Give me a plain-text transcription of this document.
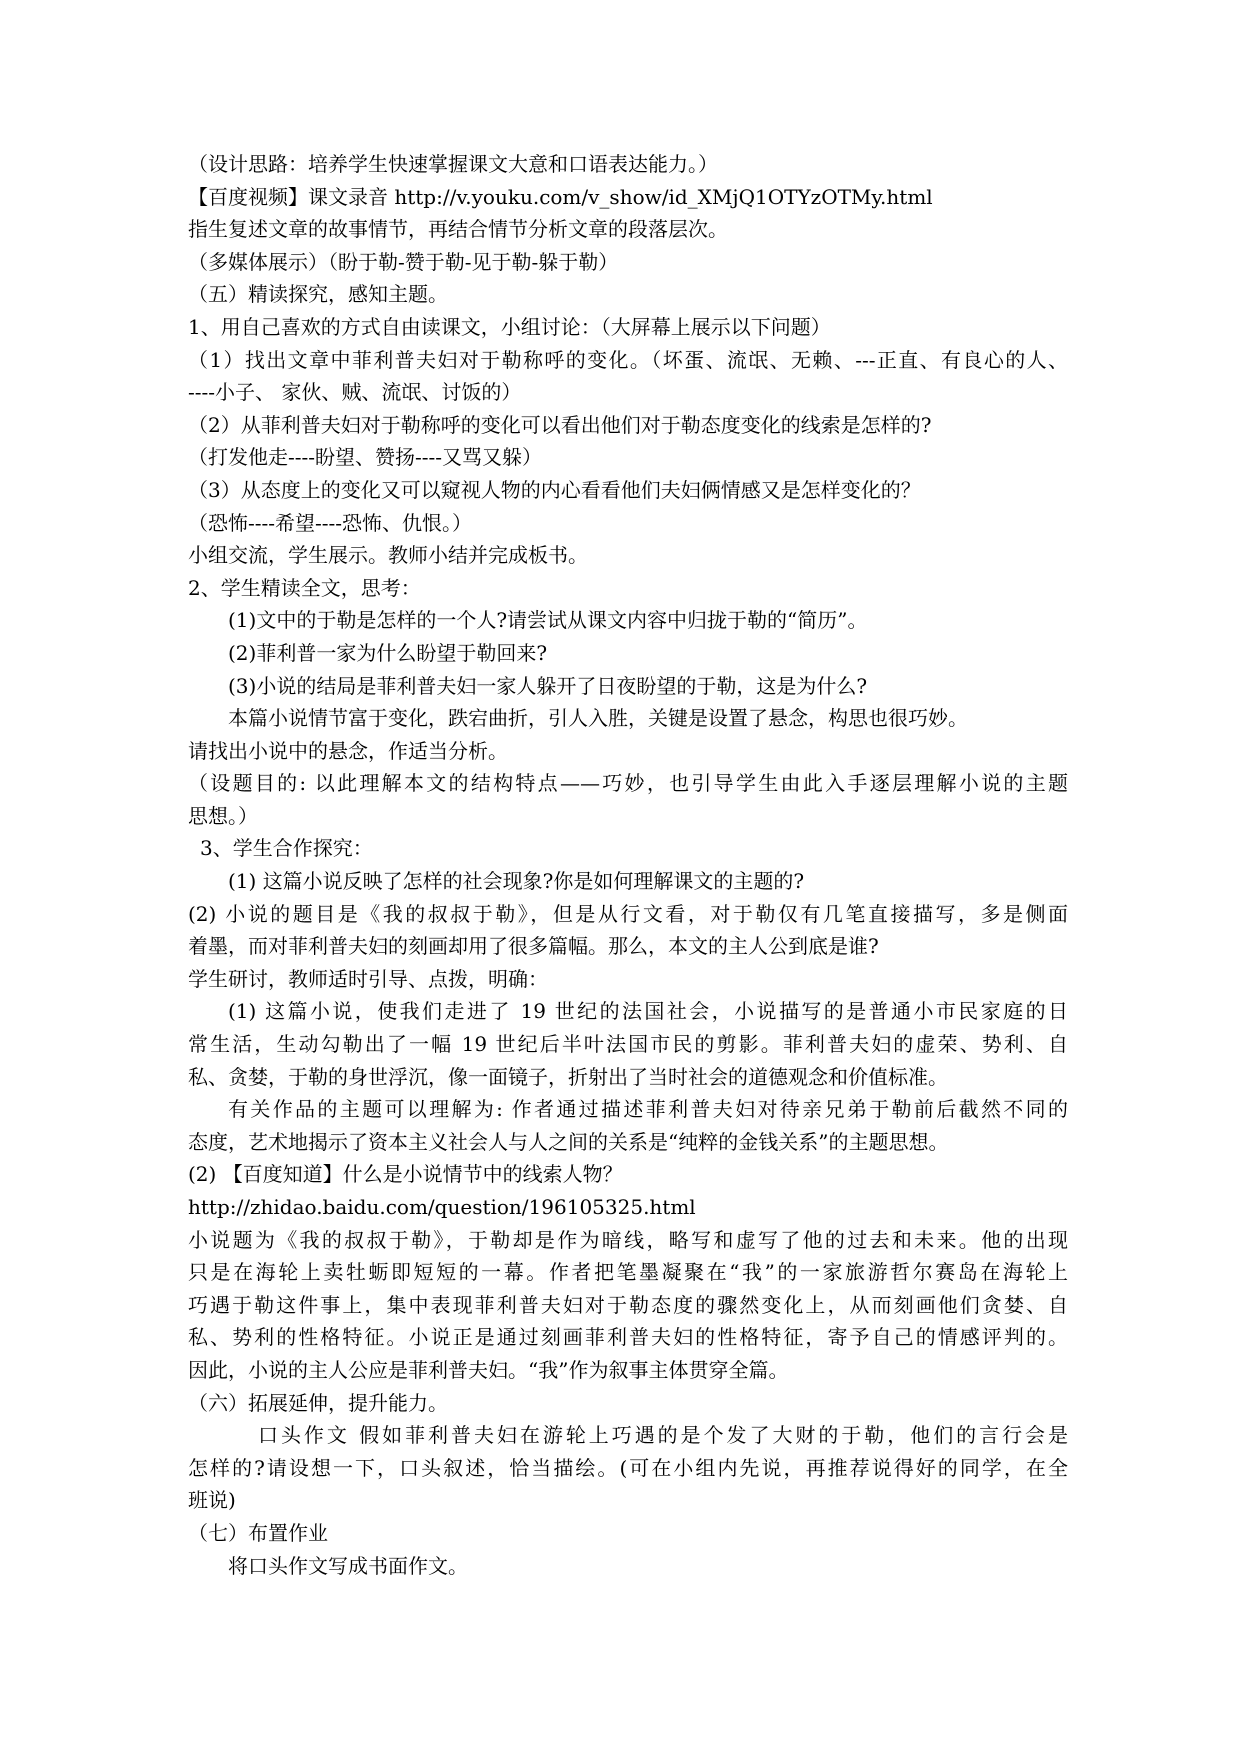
（设计思路：培养学生快速掌握课文大意和口语表达能力。）
【百度视频】课文录音 http://v.youku.com/v_show/id_XMjQ1OTYzOTMy.html
指生复述文章的故事情节，再结合情节分析文章的段落层次。
（多媒体展示）（盼于勒-赞于勒-见于勒-躲于勒）
（五）精读探究，感知主题。
1、用自己喜欢的方式自由读课文，小组讨论：（大屏幕上展示以下问题）
（1）找出文章中菲利普夫妇对于勒称呼的变化。（坏蛋、流氓、无赖、---正直、有良心的人、
----小子、 家伙、贼、流氓、讨饭的）
（2）从菲利普夫妇对于勒称呼的变化可以看出他们对于勒态度变化的线索是怎样的?
（打发他走----盼望、赞扬----又骂又躲）
（3）从态度上的变化又可以窥视人物的内心看看他们夫妇俩情感又是怎样变化的？
（恐怖----希望----恐怖、仇恨。）
小组交流，学生展示。教师小结并完成板书。
2、学生精读全文，思考：
(1)文中的于勒是怎样的一个人?请尝试从课文内容中归拢于勒的“简历”。
(2)菲利普一家为什么盼望于勒回来?
(3)小说的结局是菲利普夫妇一家人躲开了日夜盼望的于勒，这是为什么?
本篇小说情节富于变化，跌宕曲折，引人入胜，关键是设置了悬念，构思也很巧妙。
请找出小说中的悬念，作适当分析。
（设题目的: 以此理解本文的结构特点——巧妙，也引导学生由此入手逐层理解小说的主题
思想。）
3、学生合作探究：
(1) 这篇小说反映了怎样的社会现象?你是如何理解课文的主题的?
(2) 小说的题目是《我的叔叔于勒》，但是从行文看，对于勒仅有几笔直接描写，多是侧面
着墨，而对菲利普夫妇的刻画却用了很多篇幅。那么，本文的主人公到底是谁?
学生研讨，教师适时引导、点拨，明确：
(1) 这篇小说，使我们走进了 19 世纪的法国社会，小说描写的是普通小市民家庭的日
常生活，生动勾勒出了一幅 19 世纪后半叶法国市民的剪影。菲利普夫妇的虚荣、势利、自
私、贪婪，于勒的身世浮沉，像一面镜子，折射出了当时社会的道德观念和价值标准。
有关作品的主题可以理解为: 作者通过描述菲利普夫妇对待亲兄弟于勒前后截然不同的
态度，艺术地揭示了资本主义社会人与人之间的关系是“纯粹的金钱关系”的主题思想。
(2) 【百度知道】什么是小说情节中的线索人物？
http://zhidao.baidu.com/question/196105325.html
小说题为《我的叔叔于勒》，于勒却是作为暗线，略写和虚写了他的过去和未来。他的出现
只是在海轮上卖牡蛎即短短的一幕。作者把笔墨凝聚在“我”的一家旅游哲尔赛岛在海轮上
巧遇于勒这件事上，集中表现菲利普夫妇对于勒态度的骤然变化上，从而刻画他们贪婪、自
私、势利的性格特征。小说正是通过刻画菲利普夫妇的性格特征，寄予自己的情感评判的。
因此，小说的主人公应是菲利普夫妇。“我”作为叙事主体贯穿全篇。
（六）拓展延伸，提升能力。
口头作文 假如菲利普夫妇在游轮上巧遇的是个发了大财的于勒，他们的言行会是
怎样的?请设想一下，口头叙述，恰当描绘。(可在小组内先说，再推荐说得好的同学，在全
班说)
（七）布置作业
将口头作文写成书面作文。
